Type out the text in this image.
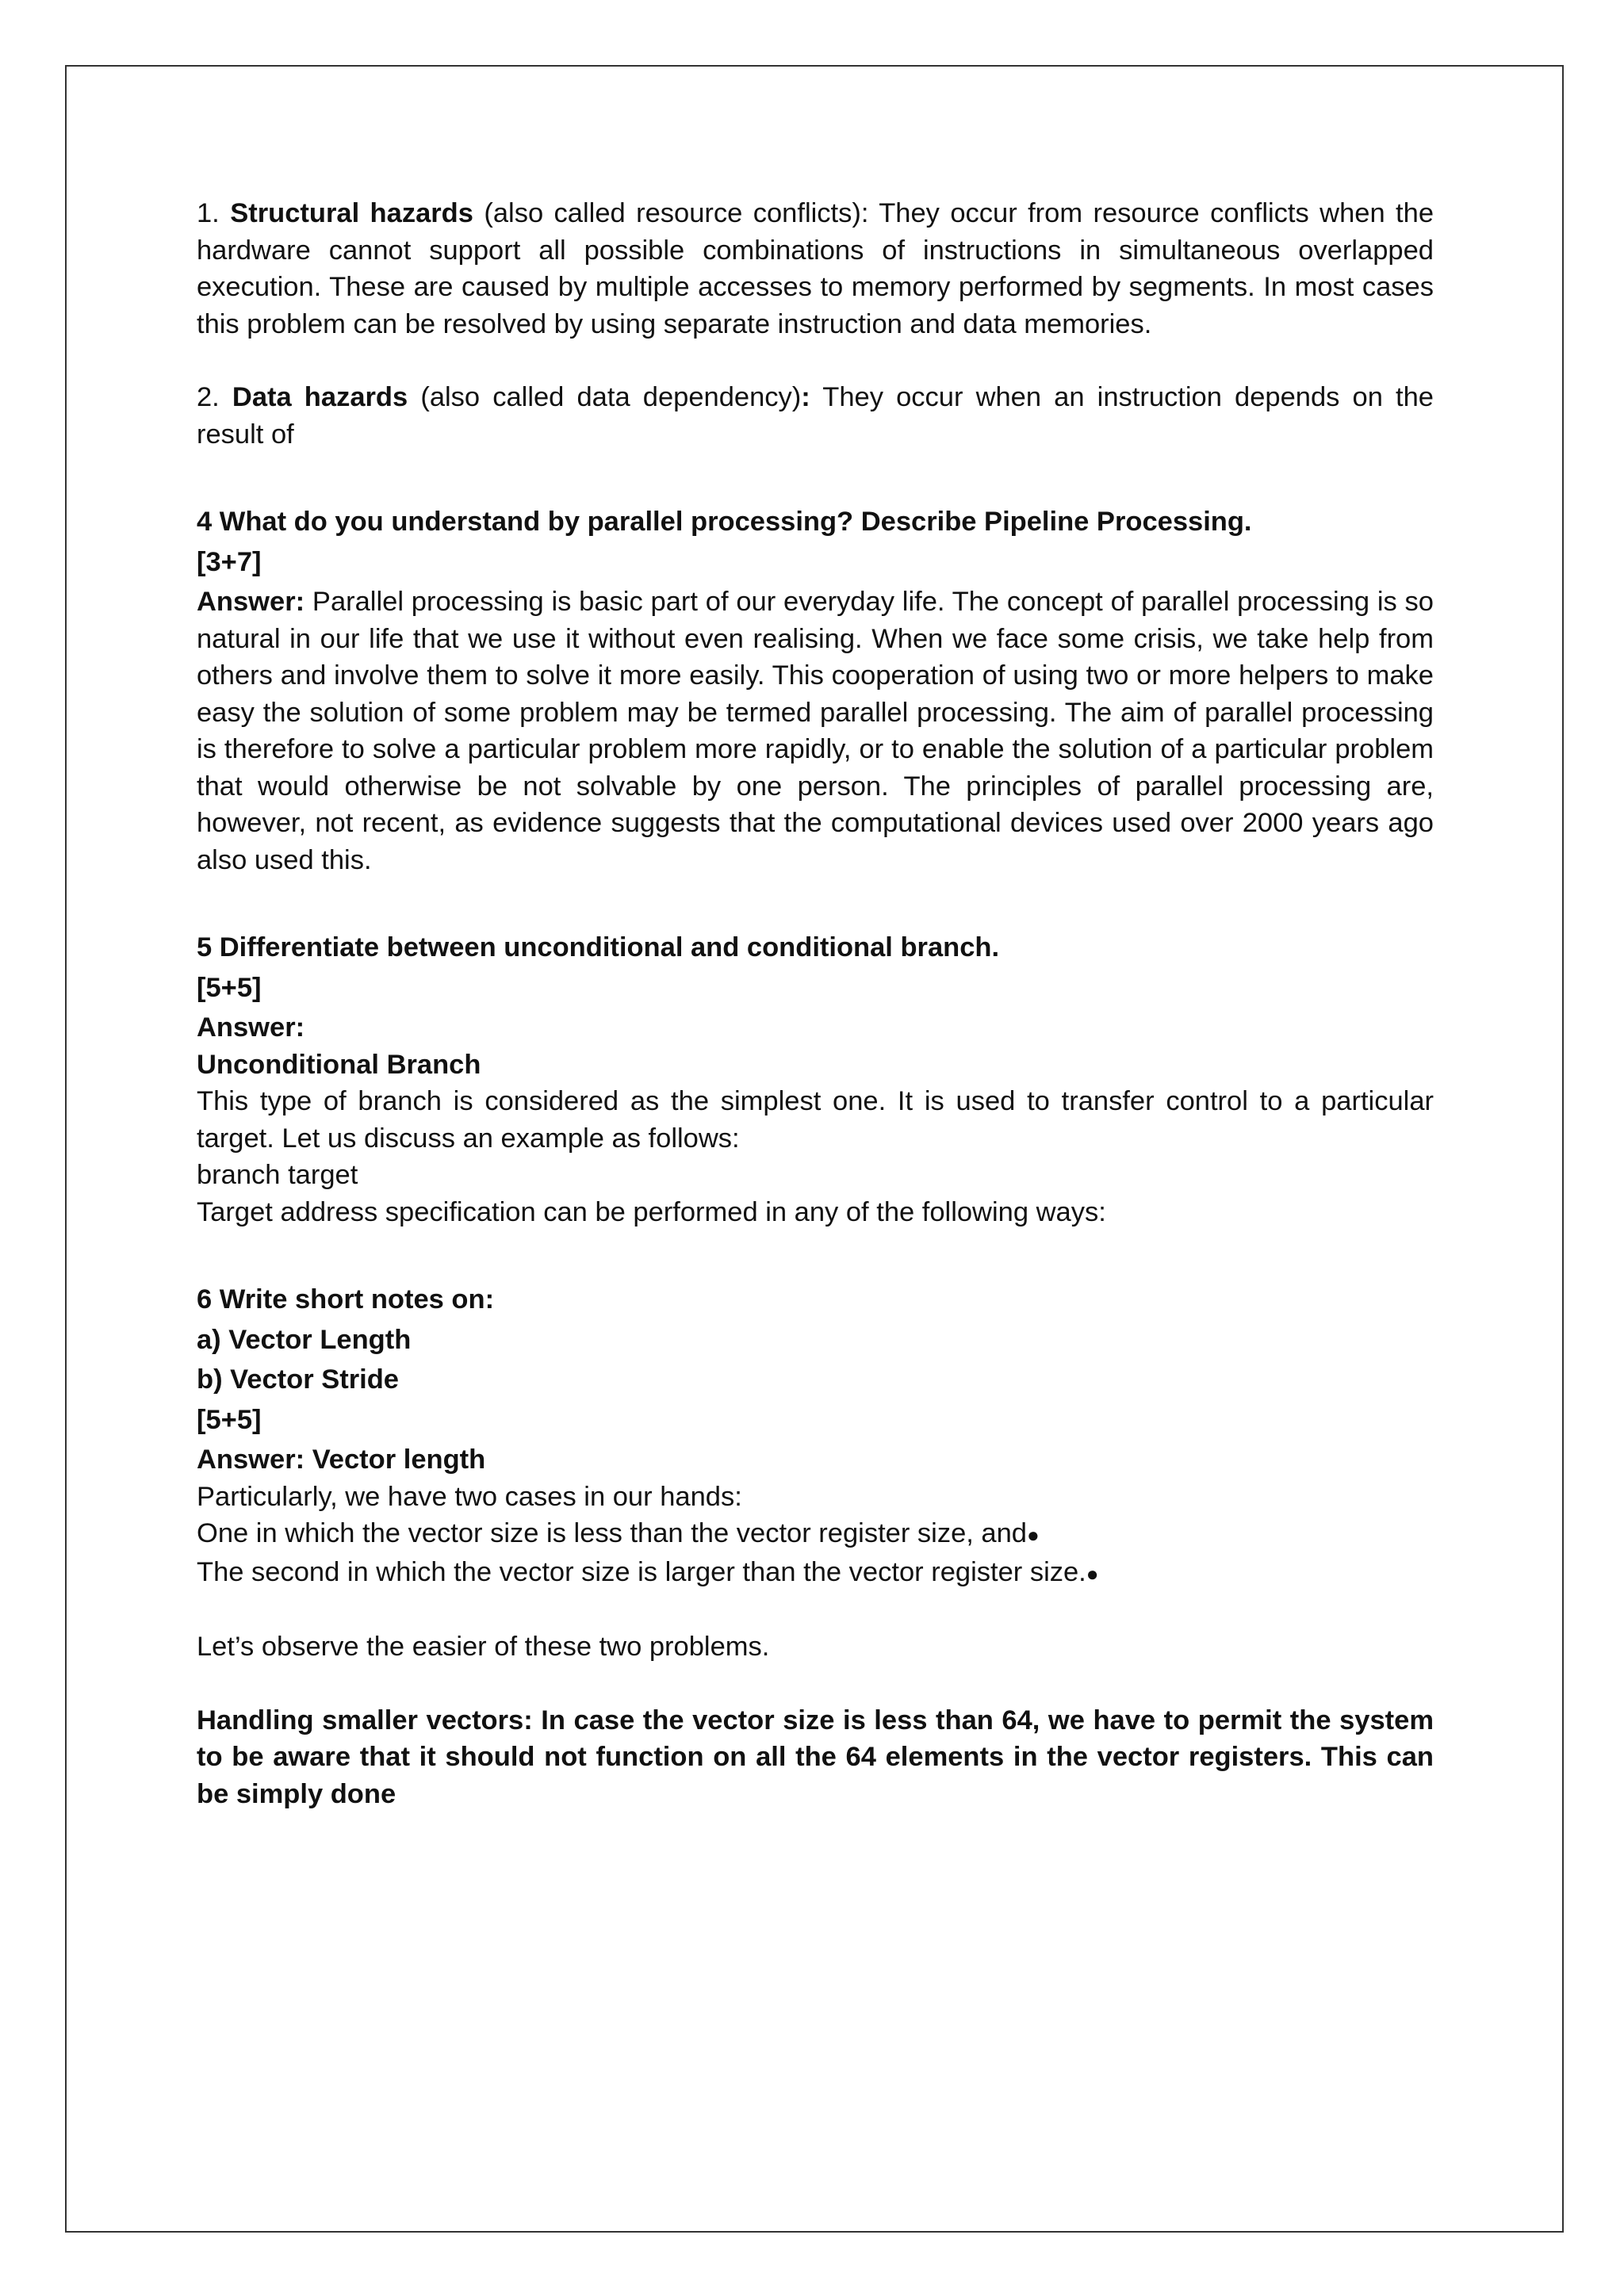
1. Structural hazards (also called resource conflicts): They occur from resource conflicts when the hardware cannot support all possible combinations of instructions in simultaneous overlapped execution. These are caused by multiple accesses to memory performed by segments. In most cases this problem can be resolved by using separate instruction and data memories.

2. Data hazards (also called data dependency): They occur when an instruction depends on the result of

4 What do you understand by parallel processing? Describe Pipeline Processing.

[3+7]

Answer: Parallel processing is basic part of our everyday life. The concept of parallel processing is so natural in our life that we use it without even realising. When we face some crisis, we take help from others and involve them to solve it more easily. This cooperation of using two or more helpers to make easy the solution of some problem may be termed parallel processing. The aim of parallel processing is therefore to solve a particular problem more rapidly, or to enable the solution of a particular problem that would otherwise be not solvable by one person. The principles of parallel processing are, however, not recent, as evidence suggests that the computational devices used over 2000 years ago also used this.

5 Differentiate between unconditional and conditional branch.

[5+5]

Answer:

Unconditional Branch

This type of branch is considered as the simplest one. It is used to transfer control to a particular target. Let us discuss an example as follows:

branch target

Target address specification can be performed in any of the following ways:

6 Write short notes on:

a) Vector Length

b) Vector Stride

[5+5]

Answer: Vector length

Particularly, we have two cases in our hands:

One in which the vector size is less than the vector register size, and●

The second in which the vector size is larger than the vector register size.●

Let’s observe the easier of these two problems.

Handling smaller vectors: In case the vector size is less than 64, we have to permit the system to be aware that it should not function on all the 64 elements in the vector registers. This can be simply done
